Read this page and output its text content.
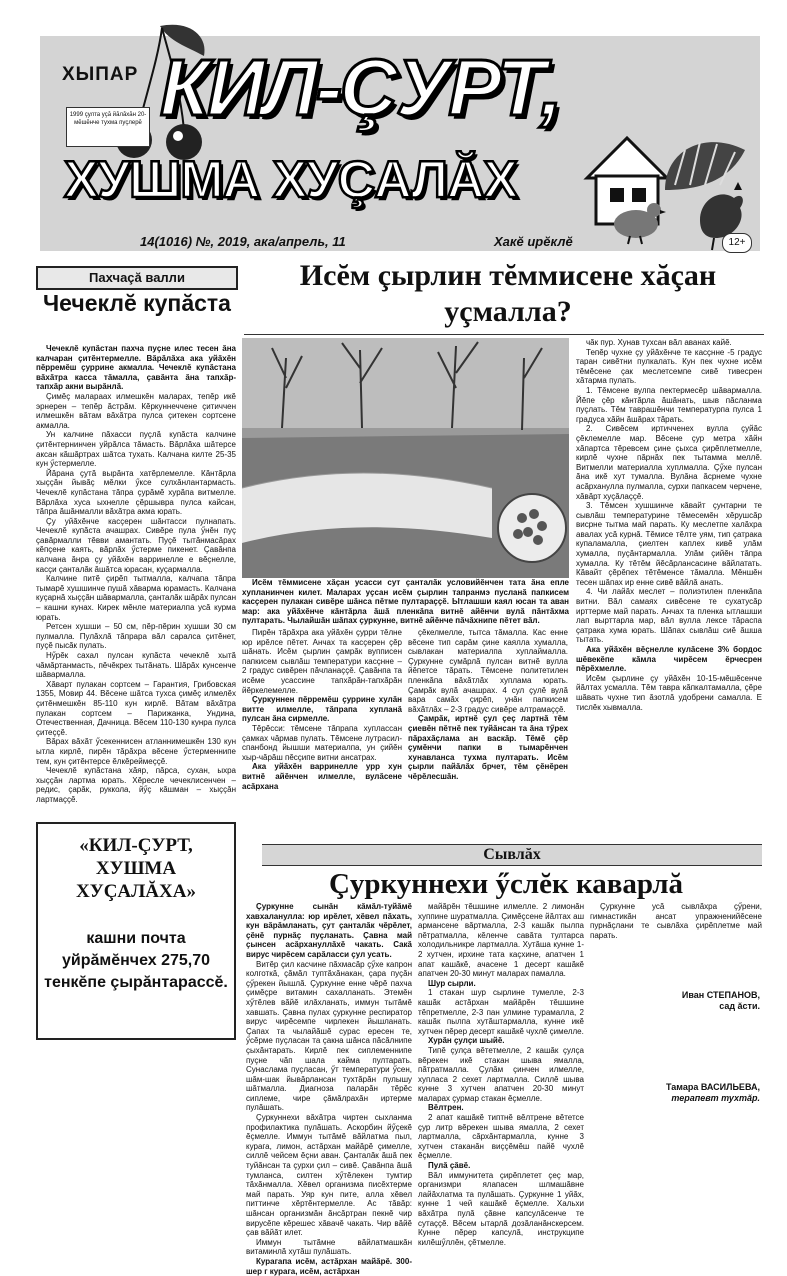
ХЫПАР
1999 çулта уҫă йăлăхăн 20-мĕшĕнче тухма пуçлерĕ КИЛ-ÇУРТ,
ХУШМА ХУÇАЛĂХ
14(1016) №, 2019, ака/апрель, 11	Хакĕ ирĕклĕ	12+
Пахчаçă валли
Чечеклĕ купăста

Чечеклĕ купăстан пахча пуçне илес тесен ăна калчаран çитĕнтермелле. Вăрăлăха ака уйăхĕн пĕрремĕш çуррине акмалла. Чечеклĕ купăстана вăхăтра касса тăмалла, çавăнта ăна тапхăр-тапхăр акни вырăнлă.

Çимĕç малараах илмешкĕн маларах, тепĕр икĕ эрнерен – тепĕр ăстрăм. Кĕркуннеччене çитиччен илмешкĕн вăтам вăхăтра пулса çитекен сортсене акмалла.

Ун калчине пăхасси пуçлă купăста калчине çитĕнтернинчен уйрăлса тăмасть. Вăрлăха шăтерсе аксан кăшăртрах шăтса тухать. Калчана килте 25-35 кун ӳстермелле.

Йăрана çутă вырăнта хатĕрлемелле. Кăнтăрла хыççăн йывăç мĕлки ӳксе сулхăнлантармасть. Чечеклĕ купăстана тăпра çурăмĕ хурăпа витмелле. Вăрлăха хуса ыхнелле çĕршывра пулса кайсан, тăпра ăшăнмалли вăхăтра акма юрать.

Çу уйăхĕнче касçерен шăнтасси пулнапать. Чечеклĕ купăста ачашрах. Сивĕре пула ӳнĕн пуç çавăрмалли тĕвви амантать. Пуçĕ тытăнмасăрах кĕпçене каять, вăрлăх ӳстерме пикенет. Çавăнпа калчана ăнра çу уйăхĕн варринелле е вĕçнелле, касçи çанталăк ăшăтса юрасан, куçармалла.

Калчине питĕ çирĕп тытмалла, калчапа тăпра тымарĕ хушшинче пушă хăварма юрамасть. Калчана куçарнă хыççăн шăвармалла, çанталăк шăрăх пулсан – кашни кунах. Кирек мĕнле материалпа усă курма юрать.

Ретсен хушши – 50 см, пĕр-пĕрин хушши 30 см пулмалла. Пулăхлă тăпрара вăл саралса çитĕнет, пуçĕ пысăк пулать.

Нӳрĕк сахал пулсан купăста чечеклĕ хытă чăмăртанмасть, пĕчĕкрех тытăнать. Шăрăх кунсенче шăвармалла.

Хăварт пулакан сортсем – Гарантия, Грибовская 1355, Мовир 44. Вĕсене шăтса тухса çимĕç илмелĕх çитĕнмешкĕн 85-110 кун кирлĕ. Вăтам вăхăтра пулакан сортсем – Парижанка, Ундина, Отечественная, Дачница. Вĕсем 110-130 кунра пулса çитеççĕ.

Вăрах вăхăт ӳсекеннисен атланнимешкĕн 130 кун ытла кирлĕ, пирĕн тăрăхра вĕсене ӳстерменнипе тем, кун çитĕнтерсе ĕлкĕреймеççĕ.

Чечеклĕ купăстана хăяр, пăрса, сухан, ыхра хыççăн лартма юрать. Хĕресле чечеклисенчен – редис, çарăк, руккола, йӳç кăшман – хыççăн лартмаççĕ.

«КИЛ-ÇУРТ, ХУШМА ХУÇАЛĂХА»
кашни почта уйрăмĕнчех 275,70 тенкĕпе çырăнтарассĕ.
Исĕм çырлин тĕммисене хăçан уçмалла?

Исĕм тĕммисене хăçан усасси сут çанталăк условийĕнчен тата ăна епле хуплaнинчен килет. Маларах уçсан исĕм çырлин тапранмэ пусланă папкисем касçерен пулакан сивĕре шăнса пĕтме пултараççĕ. Ытлашши каял юсан та аван мар: ака уйăхĕнче кăнтăрла ăшă пленкăпа витнĕ айĕнчи вулă пăнтăхма пултарать. Чылайшăн шăпах çуркунне, витнĕ айĕнче пăчăхнипе пĕтет вăл.

Пирĕн тăрăхра ака уйăхĕн çурри тĕлне юр ирĕлсе пĕтет. Анчах та касçерен çĕр шăнать. Исĕм çырлин çамрăк вупписен папкисем сывлăш температури касçнне – 2 градус сивĕрен пăчланаççĕ. Çавăнпа та исĕме усассине тапхăрăн-тапхăрăн йĕркелемелле.

Çуркуннен пĕрремĕш çуррине хулăн витте илмелле, тăпрапа хупланă пулсан ăна сирмелле.

Тĕрĕсси: тĕмсене тăпрапа хуплассан çамках чăрмав пулать. Тĕмсене лутрасил-спанбонд йышши материалпа, ун çийĕн хыр-чăрăш пĕсçипе витни ансатрах.

Ака уйăхĕн варринелле урр хун витнĕ айĕнчен илмелле, вулăсене асăрхана

çĕкелмелле, тытса тăмалла. Кас енне вĕсене тип сарăм çине каялла хумалла, сывлакан материалпа хуплаймалла. Çуркунне сумăрлă пулсан витнĕ вулла йĕпетсе тăрать. Тĕмсене политетилен пленкăпа вăхăтлăх хуплама юрать. Çамрăк вулă ачашрах. 4 сул çулĕ вулă вара самăх çирĕп, унăн папкисем вăхăтлăх – 2-3 градус сивĕре алтрамаççĕ.

Çамрăк, иртнĕ çул çеç лартнă тĕм çиевĕн пĕтнĕ пек туйăнсан та ăна тӳрех пăрахăçлама ан васкăр. Тĕмĕ çĕр çумĕнчи папки в тымарĕнчен хунавланса тухма пултарать. Исĕм çырли пайăлăх брчет, тĕм çĕнĕрен чĕрĕлесшăн.

чăк пур. Хунав тухсан вăл аванах кайĕ.

Тепĕр чухне çу уйăхĕнче те касçнне -5 градус таран сивĕтни пулкалать. Кун пек чухне исĕм тĕмĕсене çак меслетсемпе сивĕ тивесрен хăтарма пулать.

1. Тĕмсене вулпа пектермесĕр шăвармалла. Йĕпе çĕр кăнтăрла ăшăнать, шыв пăсланма пуçлать. Тĕм таврашĕнчи температурпа пулса 1 градуса хăйн ăшăрах тăрать.

2. Сивĕсем иртичченех вулла çуйăс çĕклемелле мар. Вĕсене çур метра хăйн хăпартса тĕревсем çине çыхса çирĕплетмелле, кирлĕ чухне пăрнăх пек тытамма меллĕ. Витмелли материалла хуплмалла. Çӳхе пулсан ăна икĕ хут тумалла. Вулăна ăсрнеме чухне асăрханулла пулмалла, сурхи папкасем черчене, хăвăрт хуçăлаççĕ.

3. Тĕмсен хушшинче кăвайт çунтарни те сывлăш температурине тĕмесемĕн хĕрушсăр висрне тытма май парать. Ку меслетпе халăхра авалах усă курнă. Тĕмисе тĕлте уям, тип çатрака купаламалла, çиелтен каплех кивĕ улăм хумалла, пуçăнтармалла. Улăм çийĕн тăпра хумалла. Ку тĕтĕм йĕсăрлансасине вăйлатать. Кăвайт çĕрĕпех тĕтĕменсе тăмалла. Мĕншĕн тесен шăпах ир енне сивĕ вăйлă анать.

4. Чи лайăх меслет – полиэтилен пленкăпа витни. Вăл самаях сивĕсене те сухатусăр ирттерме май парать. Анчах та пленка ытлашши лап вырттарла мар, вăл вулла лексе тăраспа çатрака хума юрать. Шăпах сывлăш сиĕ ăшша тытать.

Ака уйăхĕн вĕçнелле кулăсене 3% бордос шĕвекĕпе кăмла чирĕсем ĕрчесрен пĕрĕхмелле.

Исĕм çырлине çу уйăхĕн 10-15-мĕшĕсенче йăлтах усмалла. Тĕм тавра кăпкалтамалла, çĕре шăвать чухне тип ăзотлă удобрени самалла. Е тислĕк хывмалла.

Иван СТЕПАНОВ,
сад ăсти.
Сывлăх
Çуркуннехи ӳслĕк каварлă

Çуркунне сынăн кăмăл-туйăмĕ хавхаланулла: юр ирĕлет, хĕвел пăхать, кун вăрăмланать, çут çанталăк чĕрĕлет, çĕнĕ пурнăç пуçланать. Çавна май çынсен асăрхануллăхĕ чакать. Сакă вирус чирĕсем сарăласси çул усать.

Витĕр çил касчине пăхмасăр çӳхе капрон колготкă, çăмăл туптăхăнакан, çара пуçăн çӳрекен йышлă. Çуркунне енне чĕрĕ пахча çимĕçре витамин сахалланать. Этемĕн хӳтĕлев вăйĕ илăхланать, иммун тытăмĕ хавшать. Çавна пулах çуркунне респиратор вирус чирĕсемпе чирлекен йышланать. Çапах та чылайăшĕ сурас ересен те, ӳсĕрме пуçласан та çакна шăнса пăсăлнипе çыхăнтарать. Кирлĕ пек сиплеменнипе пуçне чăп шала кайма пултарать. Сунасламa пуçласан, ӳт температури ӳсен, шăм-шак йывăрлансан тухтăрăн пулышу шăтмалла. Диагноза паларăн тĕрĕс сиплеме, чире çăмăлрахăн иртерме пулăшать.

Çуркуннехи вăхăтра чиртен сыхланма профилактика пулăшать. Аскорбин йӳçекĕ ĕçмелле. Иммун тытăмĕ вăйлатма пыл, курага, лимон, астăрхан майăрĕ çимелле, силлĕ чейсем ĕçни аван. Çанталăк ăшă пек туйăнсан та çурхи çил – сивĕ. Çавăнпа ăшă тумланса, силтен хӳтĕлекен тумтир тăхăнмалла. Хĕвел организма писĕхтерме май парать. Уяр кун пите, алла хĕвел питтинче хĕртĕнтермелле. Ас тăвăр: шăнсан организмăн ăнсăртран пекнĕ чир вирусĕпе кĕрешес хăвачĕ чакать. Чир вăйĕ çав вăйăт илет.

Иммун тытăмне вăйлатмашкăн витаминлă хутăш пулăшать.

Курагапа исĕм, астăрхан майăрĕ. 300-шер г курага, исĕм, астăрхан

майăрĕн тĕшшине илмелле. 2 лимонăн хуппине шуратмалла. Çимĕçсене йăлтах аш армансене вăртмалла, 2-3 кашăк пылпа пĕтратмалла, кĕленче савăта тултарса холодильникре лартмалла. Хутăша кунне 1-2 хутчен, ирхине тата каçхине, апатчен 1 апат кашăкĕ, ачасене 1 десерт кашăкĕ апатчен 20-30 минут малараx памалла.

Шур сырли.

1 стакан шур сырлине тумелле, 2-3 кашăк астăрхан майăрĕн тĕшшине тĕпретмелле, 2-3 пан улмине турамалла, 2 кашăк пылпа хутăштармалла, кунне икĕ хутчен пĕрер десерт кашăкĕ чухлĕ çимелле.

Хурăн çулçи шыйĕ.

Типĕ çулçа вĕтетмелле, 2 кашăк çулçа вĕрекен икĕ стакан шыва ямалла, пăтратмалла. Çулăм çинчен илмелле, хупласа 2 сехет лартмалла. Силлĕ шыва кунне 3 хутчен апатчен 20-30 минут малараx çурмар стакан ĕçмелле.

Вĕлтрен.

2 апат кашăкĕ типтнĕ вĕлтрене вĕтетсе çур литр вĕрекен шыва ямалла, 2 сехет лартмалла, сăрхăнтармалла, кунне 3 хутчен стаканăн виççĕмĕш пайĕ чухлĕ ĕçмелле.

Пулă çăвĕ.

Вăл иммунитета çирĕплетет çеç мар, организмри ялапасен шлмашăвне лайăхлатма та пулăшать. Çуркунне 1 уйăх, кунне 1 чей кашăкĕ ĕçмелле. Хальхи вăхăтра пулă çăвне капсулăсенче те сутаççĕ. Вĕсем ытарлă дозăланăнскерсем. Кунне пĕрер капсулă, инструкципе килĕшӳллĕн, çĕтмелле.

Çуркунне усă сывлăхра çӳрени, гимнастикăн ансат упражненийĕсене пурнăçлани те сывлăха çирĕплетме май парать.

Тамара ВАСИЛЬЕВА,
терапевт тухтăр.
